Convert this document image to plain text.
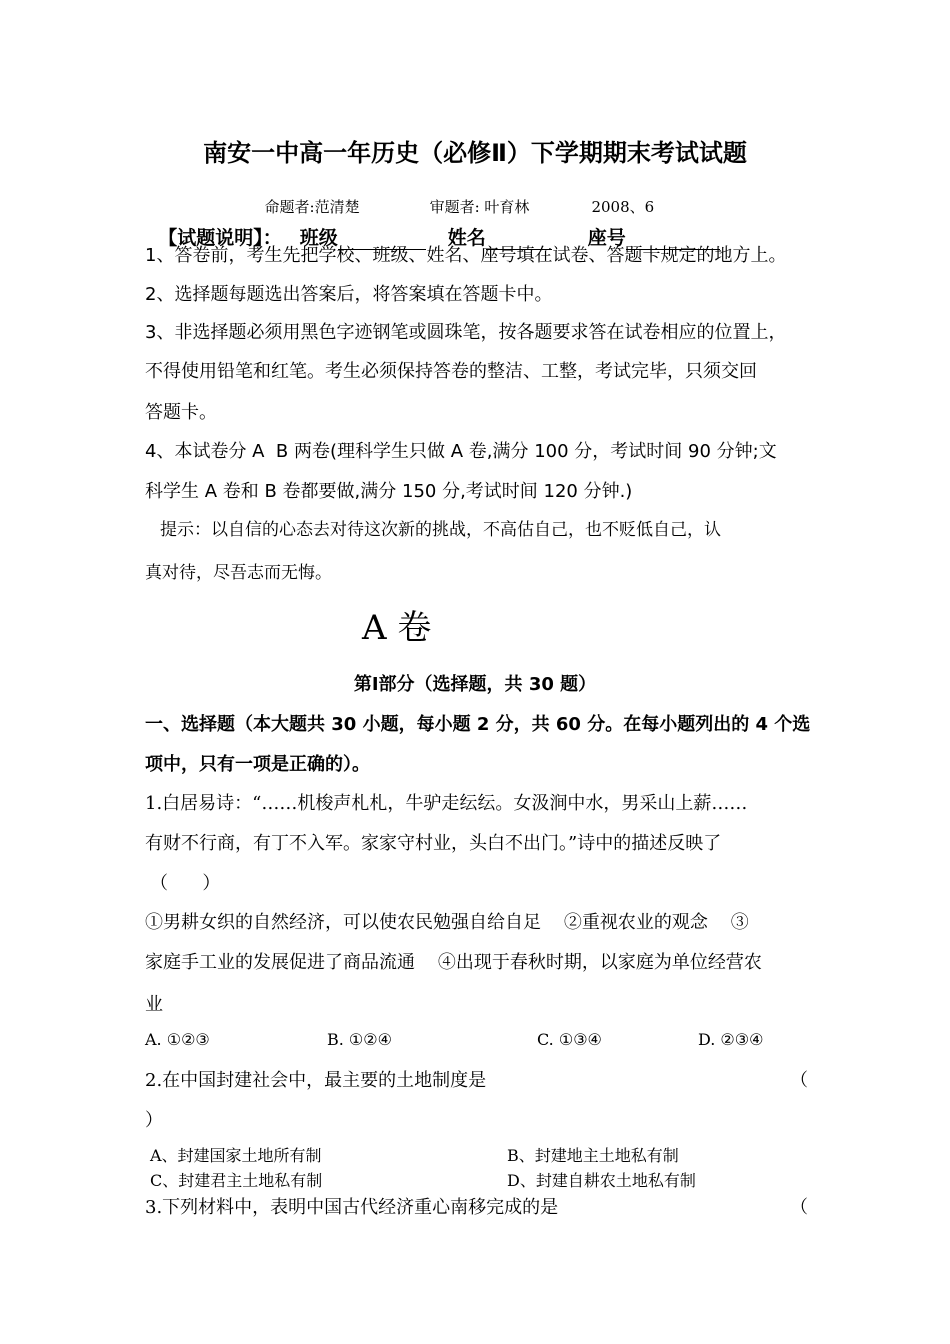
南安一中高一年历史（必修Ⅱ）下学期期末考试试题

命题者:范清楚	审题者: 叶育林	2008、6

【试题说明】： 班级	姓名	座号

1、答卷前，考生先把学校、班级、姓名、座号填在试卷、答题卡规定的地方上。
2、选择题每题选出答案后，将答案填在答题卡中。
3、非选择题必须用黑色字迹钢笔或圆珠笔，按各题要求答在试卷相应的位置上，
不得使用铅笔和红笔。考生必须保持答卷的整洁、工整，考试完毕，只须交回
答题卡。
4、本试卷分 A  B 两卷(理科学生只做 A 卷,满分 100 分，考试时间 90 分钟;文
科学生 A 卷和 B 卷都要做,满分 150 分,考试时间 120 分钟.)
提示：以自信的心态去对待这次新的挑战，不高估自己，也不贬低自己，认
真对待，尽吾志而无悔。
A 卷
第Ⅰ部分（选择题，共 30 题）
一、选择题（本大题共 30 小题，每小题 2 分，共 60 分。在每小题列出的 4 个选
项中，只有一项是正确的）。
1.白居易诗：“……机梭声札札，牛驴走纭纭。女汲涧中水，男采山上薪……
有财不行商，有丁不入军。家家守村业，头白不出门。”诗中的描述反映了
（      ）
①男耕女织的自然经济，可以使农民勉强自给自足    ②重视农业的观念    ③
家庭手工业的发展促进了商品流通    ④出现于春秋时期，以家庭为单位经营农
业
A. ①②③	B. ①②④	C. ①③④	D. ②③④
2.在中国封建社会中，最主要的土地制度是	（
）
A、封建国家土地所有制	B、封建地主土地私有制
C、封建君主土地私有制	D、封建自耕农土地私有制
3.下列材料中，表明中国古代经济重心南移完成的是	（
